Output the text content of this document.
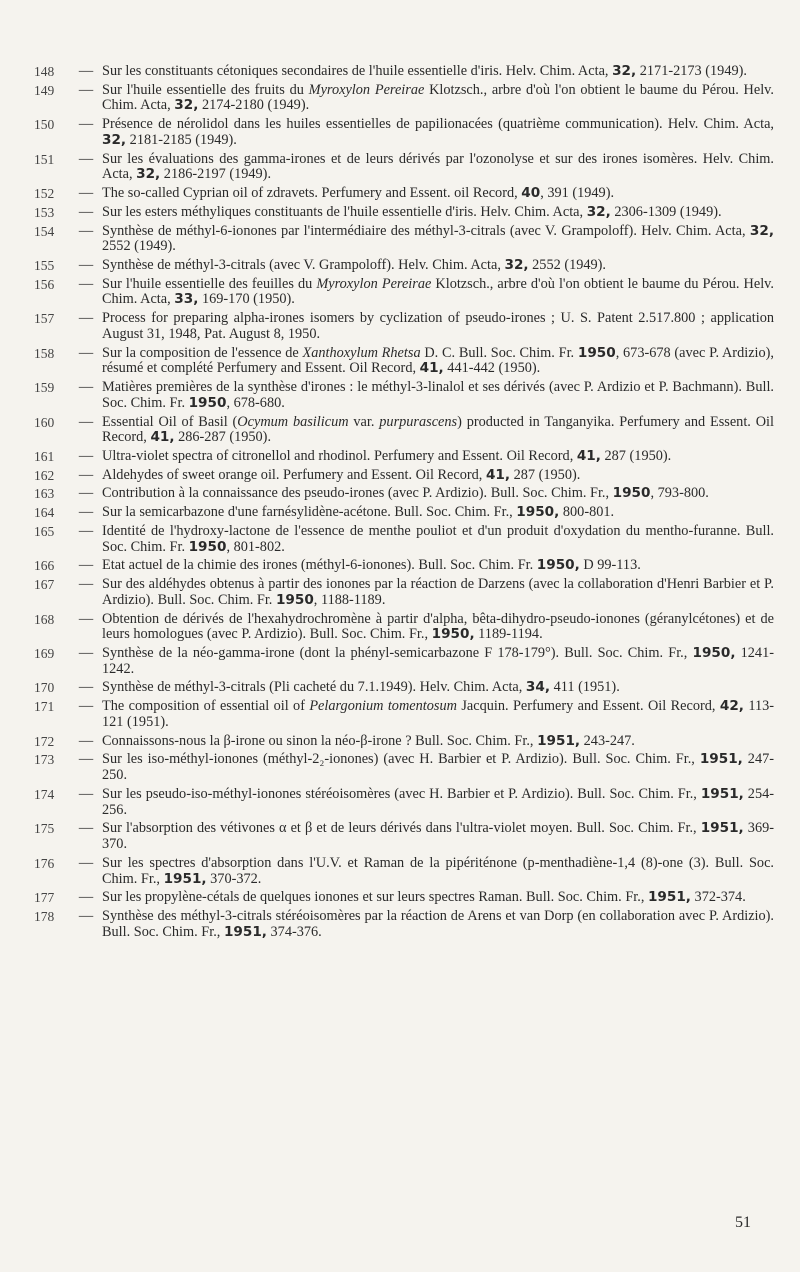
148	— Sur les constituants cétoniques secondaires de l'huile essentielle d'iris. Helv. Chim. Acta, 32, 2171-2173 (1949).
149	— Sur l'huile essentielle des fruits du Myroxylon Pereirae Klotzsch., arbre d'où l'on obtient le baume du Pérou. Helv. Chim. Acta, 32, 2174-2180 (1949).
150	— Présence de nérolidol dans les huiles essentielles de papilionacées (quatrième communication). Helv. Chim. Acta, 32, 2181-2185 (1949).
151	— Sur les évaluations des gamma-irones et de leurs dérivés par l'ozonolyse et sur des irones isomères. Helv. Chim. Acta, 32, 2186-2197 (1949).
152	— The so-called Cyprian oil of zdravets. Perfumery and Essent. oil Record, 40, 391 (1949).
153	— Sur les esters méthyliques constituants de l'huile essentielle d'iris. Helv. Chim. Acta, 32, 2306-1309 (1949).
154	— Synthèse de méthyl-6-ionones par l'intermédiaire des méthyl-3-citrals (avec V. Grampoloff). Helv. Chim. Acta, 32, 2552 (1949).
155	— Synthèse de méthyl-3-citrals (avec V. Grampoloff). Helv. Chim. Acta, 32, 2552 (1949).
156	— Sur l'huile essentielle des feuilles du Myroxylon Pereirae Klotzsch., arbre d'où l'on obtient le baume du Pérou. Helv. Chim. Acta, 33, 169-170 (1950).
157	— Process for preparing alpha-irones isomers by cyclization of pseudo-irones ; U. S. Patent 2.517.800 ; application August 31, 1948, Pat. August 8, 1950.
158	— Sur la composition de l'essence de Xanthoxylum Rhetsa D. C. Bull. Soc. Chim. Fr. 1950, 673-678 (avec P. Ardizio), résumé et complété Perfumery and Essent. Oil Record, 41, 441-442 (1950).
159	— Matières premières de la synthèse d'irones : le méthyl-3-linalol et ses dérivés (avec P. Ardizio et P. Bachmann). Bull. Soc. Chim. Fr. 1950, 678-680.
160	— Essential Oil of Basil (Ocymum basilicum var. purpurascens) producted in Tanganyika. Perfumery and Essent. Oil Record, 41, 286-287 (1950).
161	— Ultra-violet spectra of citronellol and rhodinol. Perfumery and Essent. Oil Record, 41, 287 (1950).
162	— Aldehydes of sweet orange oil. Perfumery and Essent. Oil Record, 41, 287 (1950).
163	— Contribution à la connaissance des pseudo-irones (avec P. Ardizio). Bull. Soc. Chim. Fr., 1950, 793-800.
164	— Sur la semicarbazone d'une farnésylidène-acétone. Bull. Soc. Chim. Fr., 1950, 800-801.
165	— Identité de l'hydroxy-lactone de l'essence de menthe pouliot et d'un produit d'oxydation du menthо-furanne. Bull. Soc. Chim. Fr. 1950, 801-802.
166	— Etat actuel de la chimie des irones (méthyl-6-ionones). Bull. Soc. Chim. Fr. 1950, D 99-113.
167	— Sur des aldéhydes obtenus à partir des ionones par la réaction de Darzens (avec la collaboration d'Henri Barbier et P. Ardizio). Bull. Soc. Chim. Fr. 1950, 1188-1189.
168	— Obtention de dérivés de l'hexahydrochromène à partir d'alpha, bêta-dihydro-pseudo-ionones (géranylcétones) et de leurs homologues (avec P. Ardizio). Bull. Soc. Chim. Fr., 1950, 1189-1194.
169	— Synthèse de la néo-gamma-irone (dont la phényl-semicarbazone F 178-179°). Bull. Soc. Chim. Fr., 1950, 1241-1242.
170	— Synthèse de méthyl-3-citrals (Pli cacheté du 7.1.1949). Helv. Chim. Acta, 34, 411 (1951).
171	— The composition of essential oil of Pelargonium tomentosum Jacquin. Perfumery and Essent. Oil Record, 42, 113-121 (1951).
172	— Connaissons-nous la β-irone ou sinon la néo-β-irone ? Bull. Soc. Chim. Fr., 1951, 243-247.
173	— Sur les iso-méthyl-ionones (méthyl-2₂-ionones) (avec H. Barbier et P. Ardizio). Bull. Soc. Chim. Fr., 1951, 247-250.
174	— Sur les pseudo-iso-méthyl-ionones stéréoisomères (avec H. Barbier et P. Ardizio). Bull. Soc. Chim. Fr., 1951, 254-256.
175	— Sur l'absorption des vétivones α et β et de leurs dérivés dans l'ultra-violet moyen. Bull. Soc. Chim. Fr., 1951, 369-370.
176	— Sur les spectres d'absorption dans l'U.V. et Raman de la pipériténone (p-menthadiène-1,4 (8)-one (3). Bull. Soc. Chim. Fr., 1951, 370-372.
177	— Sur les propylène-cétals de quelques ionones et sur leurs spectres Raman. Bull. Soc. Chim. Fr., 1951, 372-374.
178	— Synthèse des méthyl-3-citrals stéréoisomères par la réaction de Arens et van Dorp (en collaboration avec P. Ardizio). Bull. Soc. Chim. Fr., 1951, 374-376.
51
